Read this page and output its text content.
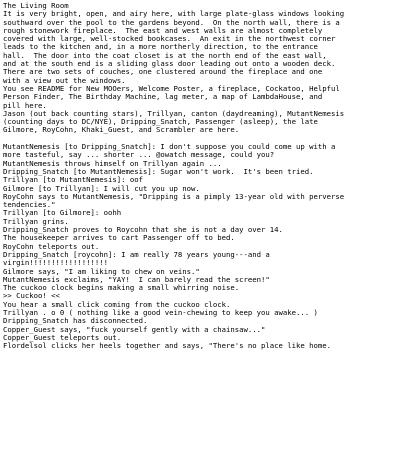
The Living Room
It is very bright, open, and airy here, with large plate-glass windows looking
southward over the pool to the gardens beyond.  On the north wall, there is a
rough stonework fireplace.  The east and west walls are almost completely
covered with large, well-stocked bookcases.  An exit in the northwest corner
leads to the kitchen and, in a more northerly direction, to the entrance
hall.  The door into the coat closet is at the north end of the east wall,
and at the south end is a sliding glass door leading out onto a wooden deck.
There are two sets of couches, one clustered around the fireplace and one
with a view out the windows.
You see README for New MOOers, Welcome Poster, a fireplace, Cockatoo, Helpful
Person Finder, The Birthday Machine, lag meter, a map of LambdaHouse, and
pill here.
Jason (out back counting stars), Trillyan, canton (daydreaming), MutantNemesis
(counting days to DC/NYE), Dripping_Snatch, Passenger (asleep), the late
Gilmore, RoyCohn, Khaki_Guest, and Scrambler are here.
MutantNemesis [to Dripping_Snatch]: I don't suppose you could come up with a
more tasteful, say ... shorter ... @owatch message, could you?
MutantNemesis throws himself on Trillyan again ...
Dripping_Snatch [to MutantNemesis]: Sugar won't work.  It's been tried.
Trillyan [to MutantNemesis]: oof
Gilmore [to Trillyan]: I will cut you up now.
RoyCohn says to MutantNemesis, "Dripping is a pimply 13-year old with perverse
tendencies."
Trillyan [to Gilmore]: oohh
Trillyan grins.
Dripping_Snatch proves to Roycohn that she is not a day over 14.
The housekeeper arrives to cart Passenger off to bed.
RoyCohn teleports out.
Dripping_Snatch [roycohn]: I am really 78 years young---and a
virgin!!!!!!!!!!!!!!!!!!
Gilmore says, "I am liking to chew on veins."
MutantNemesis exclaims, "YAY!  I can barely read the screen!"
The cuckoo clock begins making a small whirring noise.
>> Cuckoo! <<
You hear a small click coming from the cuckoo clock.
Trillyan . o 0 ( nothing like a good vein-chewing to keep you awake... )
Dripping_Snatch has disconnected.
Copper_Guest says, "fuck yourself gently with a chainsaw..."
Copper_Guest teleports out.
Flordelsol clicks her heels together and says, "There's no place like home.
